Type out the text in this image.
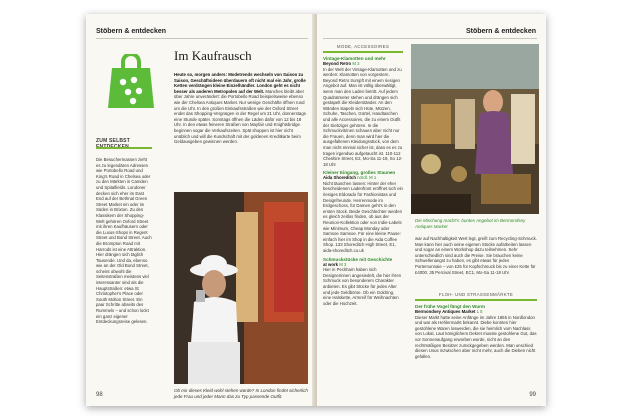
Stöbern & entdecken
Im Kaufrausch
Heute so, morgen anders: Modetrends wechseln von Saison zu Saison, Geschäftsideen überdauern oft nicht mal ein Jahr, große Ketten verdrängen kleine Einzelhändler. London geht es nicht besser als anderen Metropolen auf der Welt. Manches bleibt aber über Jahre unverändert: die Portobello Road beispielsweise ebenso wie der Chelsea Antiques Market. Nur wenige Geschäfte öffnen rund um die Uhr. In den großen Einkaufsstraßen wie der Oxford Street endet das Shopping-Vergnügen in der Regel um 21 Uhr, donnerstags eine Stunde später. Sonntags öffnen die Läden dafür von 12 bis 18 Uhr. In den etwas feineren Straßen von Mayfair und Knightsbridge beginnen sogar die Verkaufszeiten. Spät shoppen ist hier nicht unüblich und will die Kundschaft mit der goldenen Kreditkarte beim Geldausgeben gewinnen werden.
ZUM SELBST
Die Besuchermassen zieht es zu legendären Adressen wie Portobello Road und King's Road in Chelsea oder zu den Märkten in Camden und Spitalfields. Londoner decken sich eher im East End auf der Bethnal Green Street Market ein oder im Süden in Brixton. Zu den Klassikern der Shopping-Welt gehören Oxford Street mit ihren Kaufhäusern oder die Luxus-Shops in Regent Street und Bond Street. Auch die Brompton Road mit Harrods ist eine Attraktion. Hier drängen sich täglich Tausende. Und da, ebenso wie an der Old Bond Street, scheint obwohl die Seitenstraßen meistens viel interessanter sind als die Hauptstraßen: etwa St Christopher's Place oder South Molton Street. Ein paar Schritte abseits des Rummels – und schon lockt ein ganz eigener Entdeckungsreise gelesen.
Ob mir dieses Kleid wohl stehen würde? In London findet sicherlich jede Frau und jeder Mann das zu Typ passende Outfit.
98
Stöbern & entdecken
MODE, ACCESSOIRES
Vintage-Klamotten und mehr
Beyond Retro M 2
In der Welt der Vintage-Klamotten und zu werden: Klamotten von vorgestern. Beyond Retro trumpft mit einem riesigen Angebot auf. Man ist völlig überwältigt, wenn man den Laden betritt. Auf jedem Quadratmeter stehen und drängen sich gestapelt die Kleiderständer. An den Wänden stapeln sich Hüte, Mützen, Schuhe, Taschen, Gürtel, Handtaschen und alle Accessoires, die zu einem Outfit der Siebziger gehören. In die Schmuckvitrinen schauen aber nicht nur die Frauen, denn man wird hier die ausgefallenen Kleidungsstück, von dem man nicht einmal sicher ist, dass es es zu tragen irgendwo aufgetaucht ist. 110-112 Cheshire Street, E2, Mo-Sa 11-19, So 12-18 Uhr
Kleiner Eingang, großes Staunen
Aida Shoreditch nördl. M 1
Nicht täuschen lassen: Hinter der eher bescheidenen Ladenfront eröffnet sich ein riesiges Eldorado für Fashionistas und Designfreunde. Herrenmode im Erdgeschoss, für Damen geht's in den ersten Stock. Beide Geschlechter werden es gleich zeitlos finden, ob aus der Reunion-Kollektion oder von Indie-Labels wie Minimum, Cheap Monday oder Samsoe Samsoe. Für eine kleine Pause: einfach hier im Shop in die Aida Coffee Shop. 133 Shoreditch High Street, E1, aida-shoreditch.co.uk
Schmuckstücke mit Geschichte
at work M 3
Hier in Peckham haben sich Designerinnen angesiedelt, die hier ihren Schmuck von besonderem Charakter anbieten. Es gibt Stücke für jedes Alter und jede Geldbörse. Ob ein Goldring, eine Halskette, Armreif für Weihnachten oder die Hochzeit.
Die Mischung macht's: buntes Angebot im Bermondsey Antiques Market
war auf Nachhaltigkeit Wert legt, greift zum Recycling-Schmuck. Man kann hier auch seine eigenen Stücke aufarbeiten lassen und sogar an einem Workshop dazu teilnehmen. Sehr unterschiedlich sind auch die Preise. Sie brauchen keine Schwellenangst zu haben, es gibt etwas für jedes Portemonnaie – von £25 für Kopfschmuck bis zu einer Kette für £4000. 35 Percival Street, EC1, Mo-Sa 11-18 Uhr
FLOH- UND STRASSENMÄRKTE
Der frühe Vogel fängt den Wurm
Bermondsey Antiques Market L 5
Dieser Markt hatte seine Anfänge im Jahre 1855 in Nordlondon und war als Hehlermarkt bekannt. Diebe konnten hier gestohlene Waren loswerden, die sie heimlich vom Nachlass von Lokal, Laut königlichem Dekret musste gestohlene Gut, das vor Sonnenaufgang erworben wurde, nicht an den rechtmäßigen Besitzer zurückgegeben werden. Man unschied diesen Usus inzwischen aber nicht mehr, auch die Dieben nicht gefallen.
99
